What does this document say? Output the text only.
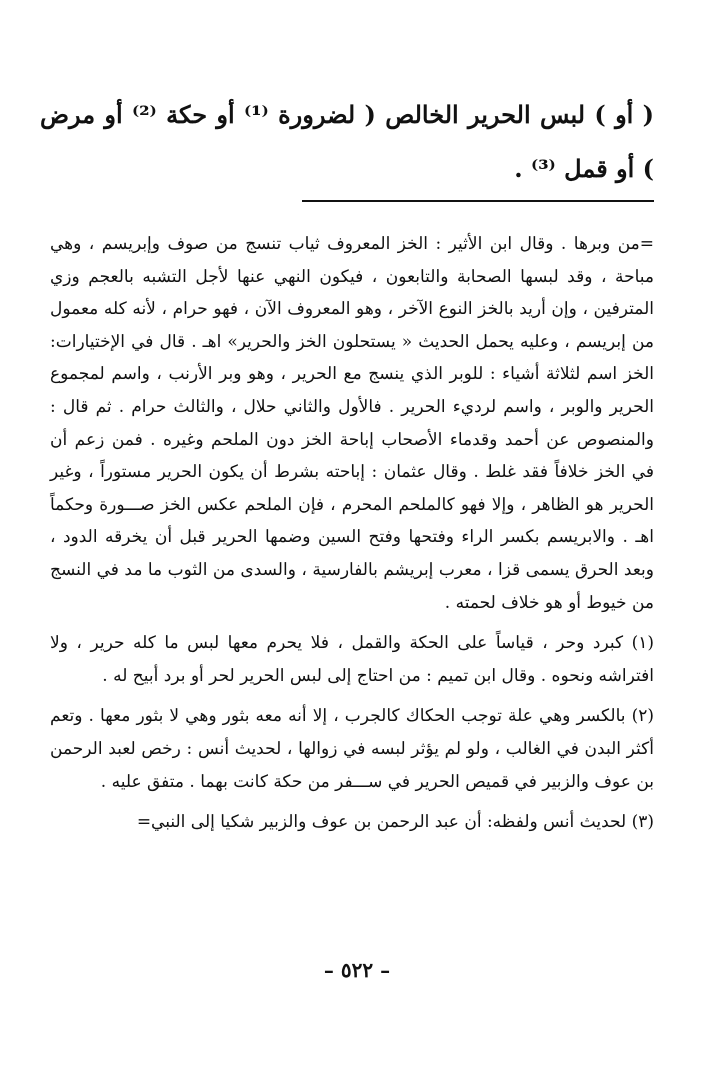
( أو ) لبس الحرير الخالص ( لضرورة ⁽¹⁾ أو حكة ⁽²⁾ أو مرض ) أو قمل ⁽³⁾ .

=من وبرها . وقال ابن الأثير : الخز المعروف ثياب تنسج من صوف وإبريسم ، وهي مباحة ، وقد لبسها الصحابة والتابعون ، فيكون النهي عنها لأجل التشبه بالعجم وزي المترفين ، وإن أريد بالخز النوع الآخر ، وهو المعروف الآن ، فهو حرام ، لأنه كله معمول من إبريسم ، وعليه يحمل الحديث « يستحلون الخز والحرير» اهـ . قال في الإختيارات: الخز اسم لثلاثة أشياء : للوبر الذي ينسج مع الحرير ، وهو وبر الأرنب ، واسم لمجموع الحرير والوبر ، واسم لرديء الحرير . فالأول والثاني حلال ، والثالث حرام . ثم قال : والمنصوص عن أحمد وقدماء الأصحاب إباحة الخز دون الملحم وغيره . فمن زعم أن في الخز خلافاً فقد غلط . وقال عثمان : إباحته بشرط أن يكون الحرير مستوراً ، وغير الحرير هو الظاهر ، وإلا فهو كالملحم المحرم ، فإن الملحم عكس الخز صـــورة وحكماً اهـ . والابريسم بكسر الراء وفتحها وفتح السين وضمها الحرير قبل أن يخرقه الدود ، وبعد الحرق يسمى قزا ، معرب إبريشم بالفارسية ، والسدى من الثوب ما مد في النسج من خيوط أو هو خلاف لحمته .

(١) كبرد وحر ، قياساً على الحكة والقمل ، فلا يحرم معها لبس ما كله حرير ، ولا افتراشه ونحوه . وقال ابن تميم : من احتاج إلى لبس الحرير لحر أو برد أبيح له .

(٢) بالكسر وهي علة توجب الحكاك كالجرب ، إلا أنه معه بثور وهي لا بثور معها . وتعم أكثر البدن في الغالب ، ولو لم يؤثر لبسه في زوالها ، لحديث أنس : رخص لعبد الرحمن بن عوف والزبير في قميص الحرير في ســـفر من حكة كانت بهما . متفق عليه .

(٣) لحديث أنس ولفظه: أن عبد الرحمن بن عوف والزبير شكيا إلى النبي=

– ٥٢٢ –
